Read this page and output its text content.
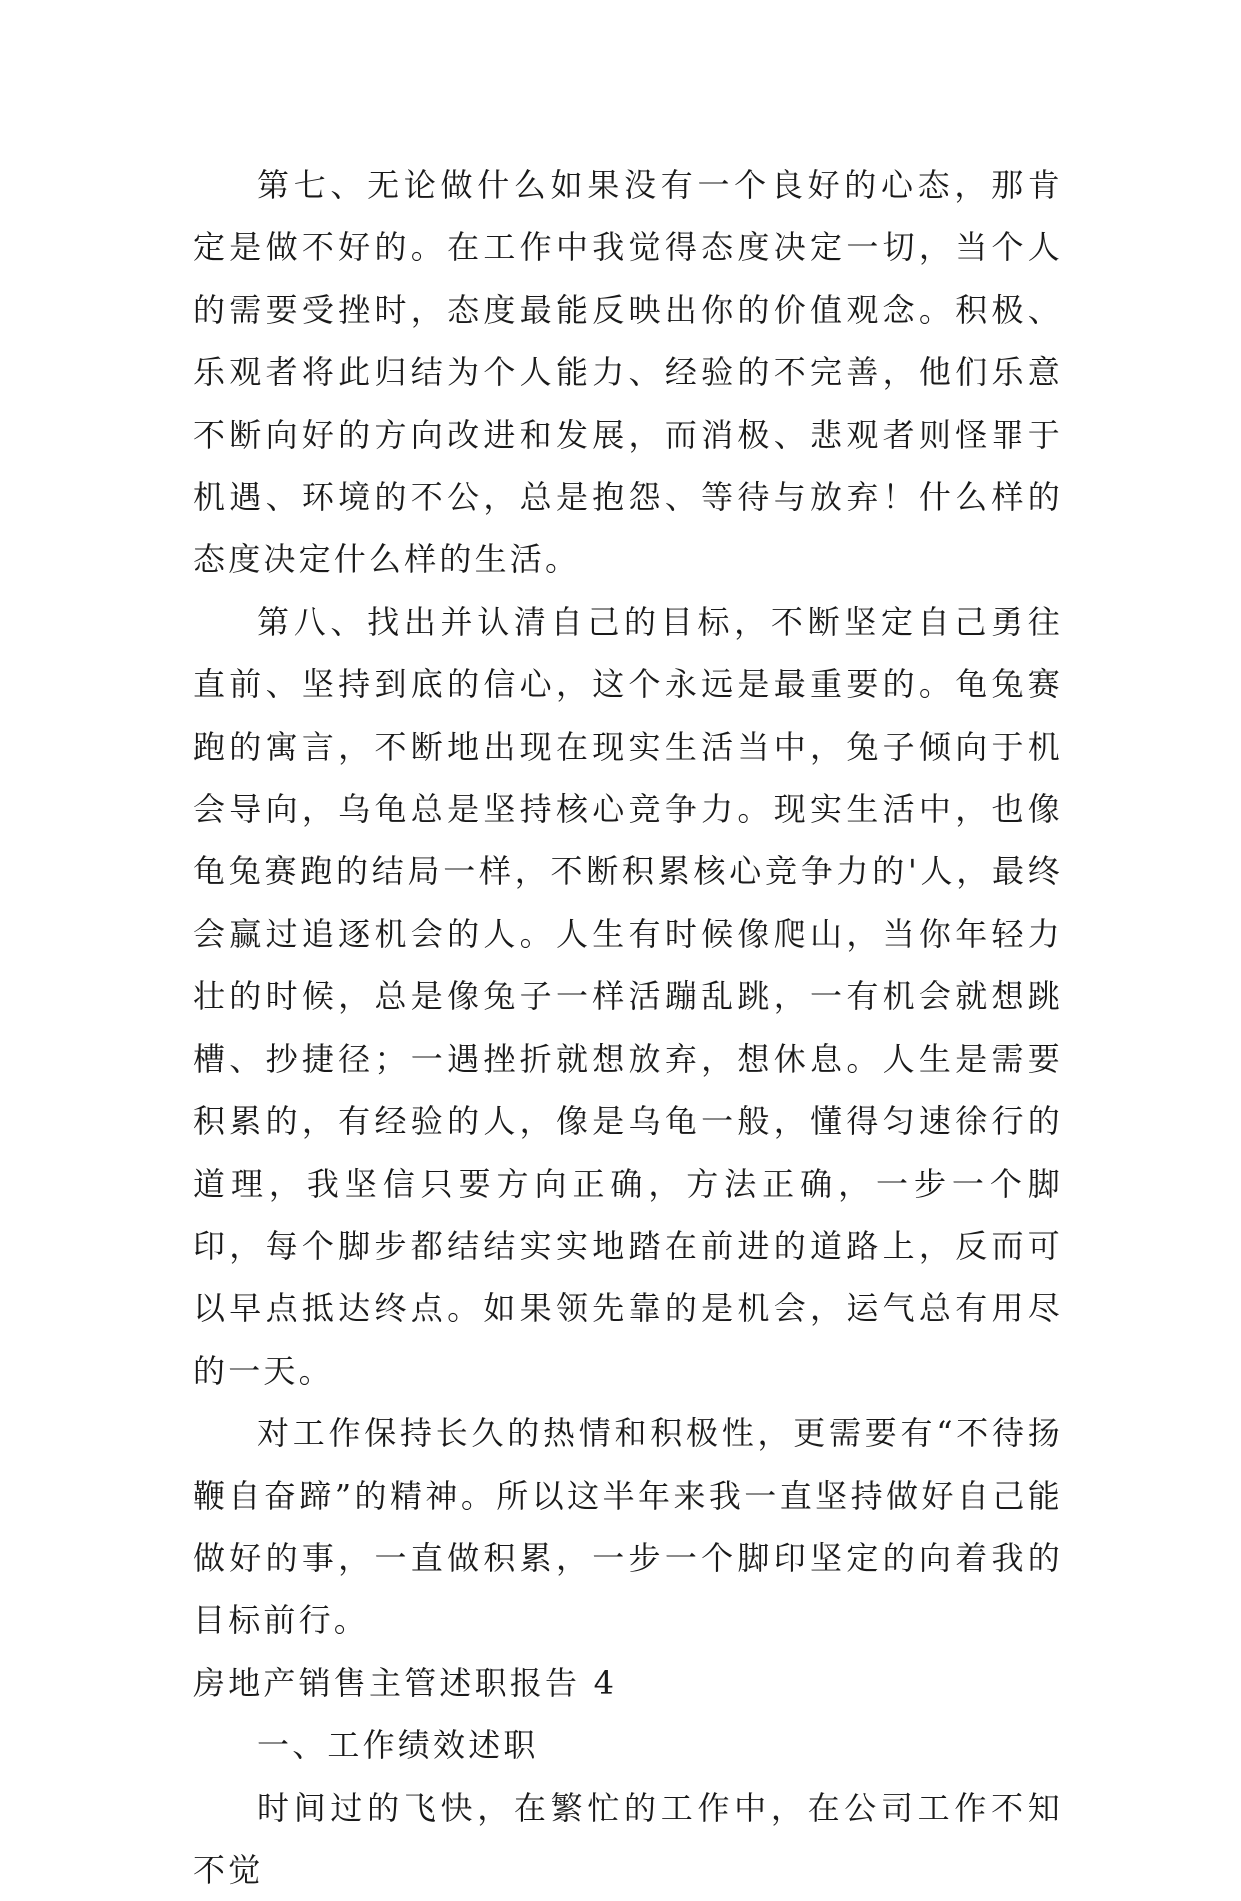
第七、无论做什么如果没有一个良好的心态，那肯定是做不好的。在工作中我觉得态度决定一切，当个人的需要受挫时，态度最能反映出你的价值观念。积极、乐观者将此归结为个人能力、经验的不完善，他们乐意不断向好的方向改进和发展，而消极、悲观者则怪罪于机遇、环境的不公，总是抱怨、等待与放弃！什么样的态度决定什么样的生活。

第八、找出并认清自己的目标，不断坚定自己勇往直前、坚持到底的信心，这个永远是最重要的。龟兔赛跑的寓言，不断地出现在现实生活当中，兔子倾向于机会导向，乌龟总是坚持核心竞争力。现实生活中，也像龟兔赛跑的结局一样，不断积累核心竞争力的'人，最终会赢过追逐机会的人。人生有时候像爬山，当你年轻力壮的时候，总是像兔子一样活蹦乱跳，一有机会就想跳槽、抄捷径；一遇挫折就想放弃，想休息。人生是需要积累的，有经验的人，像是乌龟一般，懂得匀速徐行的道理，我坚信只要方向正确，方法正确，一步一个脚印，每个脚步都结结实实地踏在前进的道路上，反而可以早点抵达终点。如果领先靠的是机会，运气总有用尽的一天。

对工作保持长久的热情和积极性，更需要有“不待扬鞭自奋蹄”的精神。所以这半年来我一直坚持做好自己能做好的事，一直做积累，一步一个脚印坚定的向着我的目标前行。

房地产销售主管述职报告 4

一、工作绩效述职

时间过的飞快，在繁忙的工作中，在公司工作不知不觉
